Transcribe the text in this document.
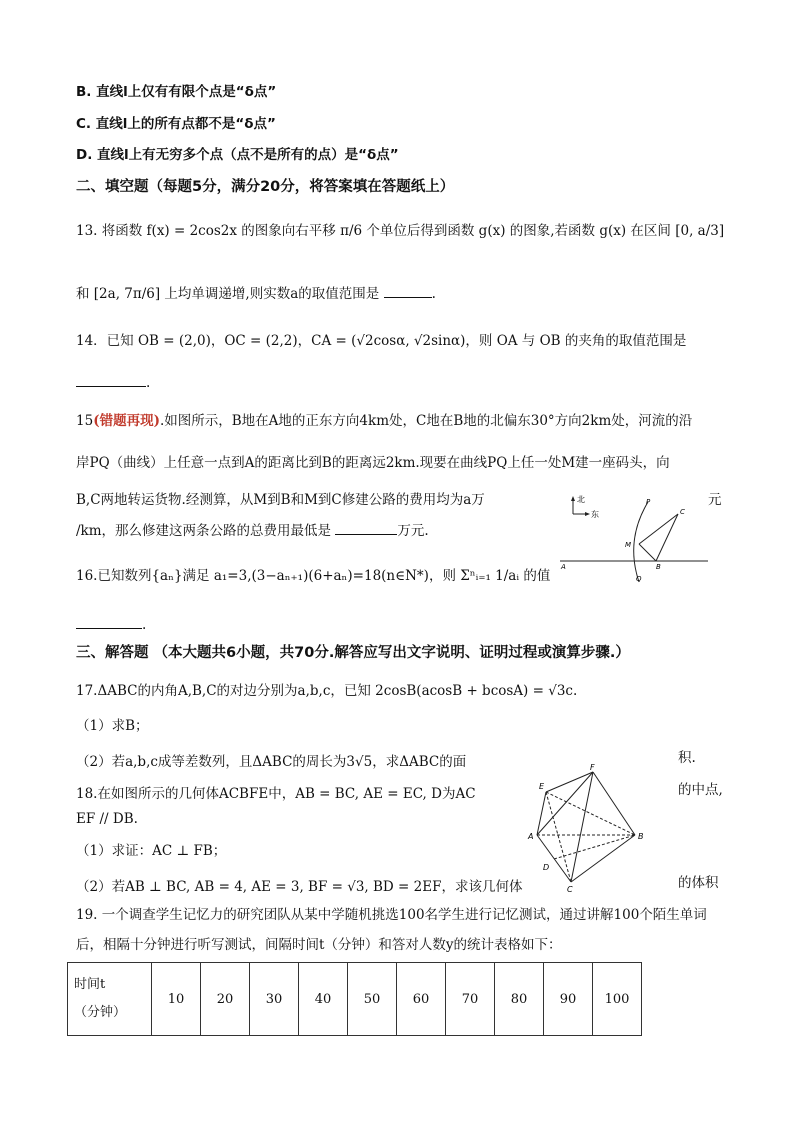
B. 直线l上仅有有限个点是“δ点”
C. 直线l上的所有点都不是“δ点”
D. 直线l上有无穷多个点（点不是所有的点）是“δ点”
二、填空题（每题5分，满分20分，将答案填在答题纸上）
13. 将函数 f(x) = 2cos2x 的图象向右平移 π/6 个单位后得到函数 g(x) 的图象,若函数 g(x) 在区间 [0, a/3]
和 [2a, 7π/6] 上均单调递增,则实数a的取值范围是	.
14．已知 OB = (2,0)，OC = (2,2)，CA = (√2cosα, √2sinα)，则 OA 与 OB 的夹角的取值范围是
.
15(错题再现).如图所示，B地在A地的正东方向4km处，C地在B地的北偏东30°方向2km处，河流的沿
岸PQ（曲线）上任意一点到A的距离比到B的距离远2km.现要在曲线PQ上任一处M建一座码头，向
B,C两地转运货物.经测算，从M到B和M到C修建公路的费用均为a万	元
/km，那么修建这两条公路的总费用最低是	万元.
北
东
P
C
M
A	B
Q
16.已知数列{aₙ}满足 a₁=3,(3−aₙ₊₁)(6+aₙ)=18(n∈N*)，则 Σⁿᵢ₌₁ 1/aᵢ 的值
.
三、解答题 （本大题共6小题，共70分.解答应写出文字说明、证明过程或演算步骤.）
17.ΔABC的内角A,B,C的对边分别为a,b,c，已知 2cosB(acosB + bcosA) = √3c.
（1）求B；
（2）若a,b,c成等差数列，且ΔABC的周长为3√5，求ΔABC的面	积.
18.在如图所示的几何体ACBFE中，AB = BC, AE = EC, D为AC	的中点,
EF // DB.
（1）求证：AC ⊥ FB；
（2）若AB ⊥ BC, AB = 4, AE = 3, BF = √3, BD = 2EF，求该几何体	的体积
E
F
A	B
D
C
19. 一个调查学生记忆力的研究团队从某中学随机挑选100名学生进行记忆测试，通过讲解100个陌生单词
后，相隔十分钟进行听写测试，间隔时间t（分钟）和答对人数y的统计表格如下：
时间t
（分钟）
	10	20	30	40	50	60	70	80	90	100
